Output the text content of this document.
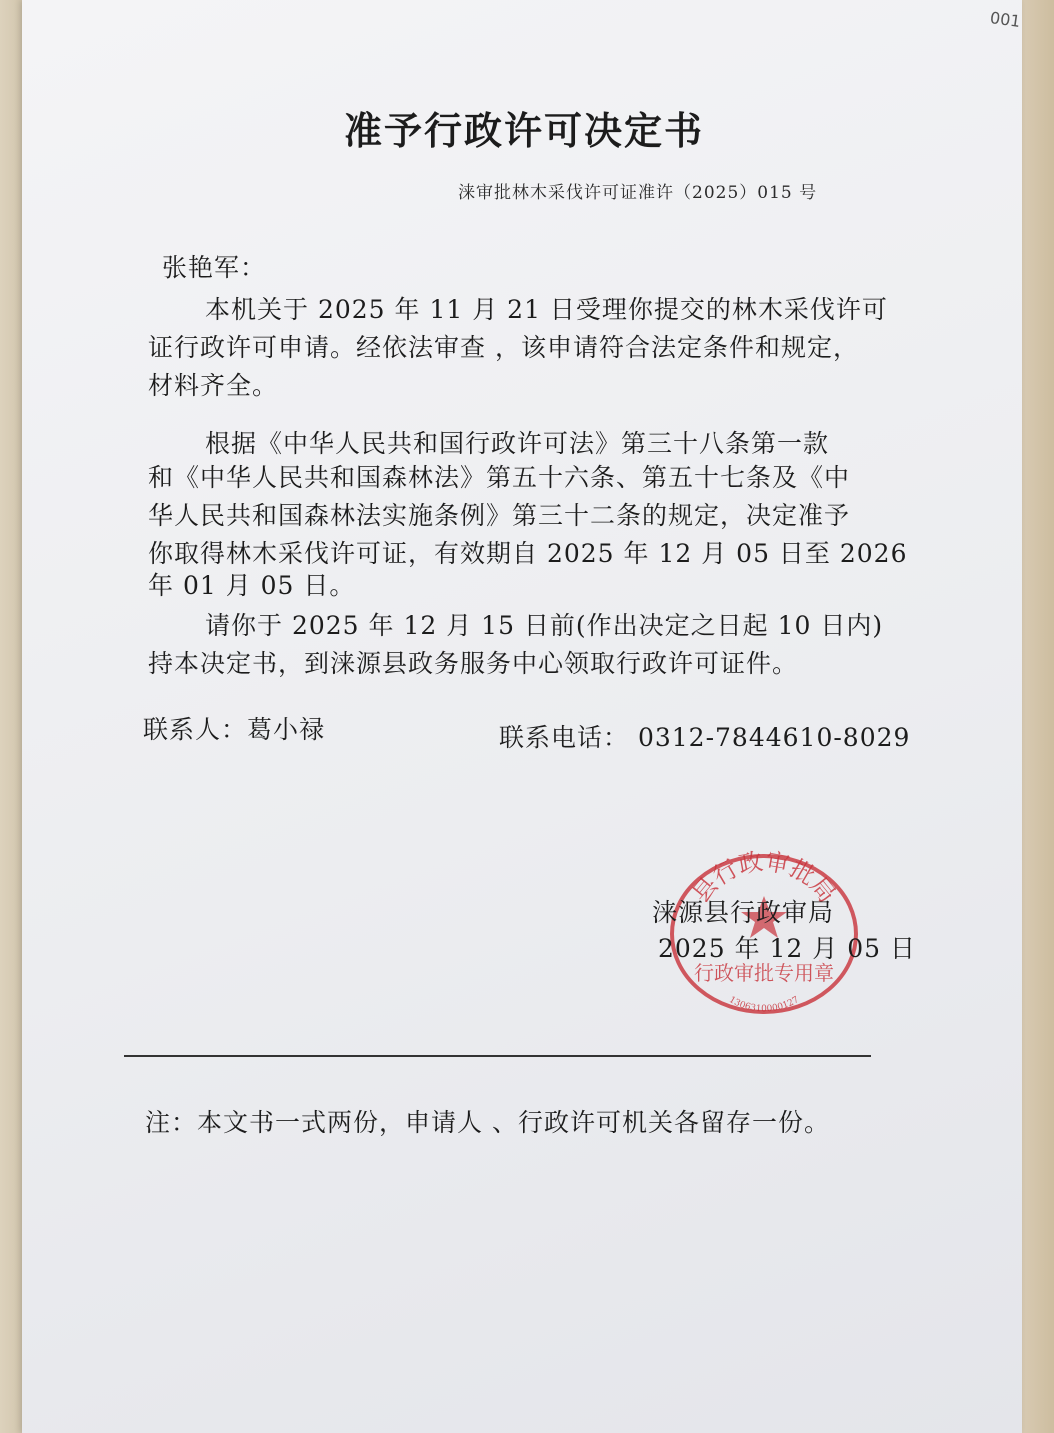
001
准予行政许可决定书
涞审批林木采伐许可证准许（2025）015 号
张艳军：
本机关于 2025 年 11 月 21 日受理你提交的林木采伐许可
证行政许可申请。经依法审查 ，该申请符合法定条件和规定，
材料齐全。
根据《中华人民共和国行政许可法》第三十八条第一款
和《中华人民共和国森林法》第五十六条、第五十七条及《中
华人民共和国森林法实施条例》第三十二条的规定，决定准予
你取得林木采伐许可证，有效期自 2025 年 12 月 05 日至 2026
年 01 月 05 日。
请你于 2025 年 12 月 15 日前(作出决定之日起 10 日内)
持本决定书，到涞源县政务服务中心领取行政许可证件。
联系人：葛小禄	联系电话： 0312-7844610-8029
县行政审批局
行政审批专用章
1306310000127
涞源县行政审局
2025 年 12 月 05 日
注：本文书一式两份，申请人 、行政许可机关各留存一份。
